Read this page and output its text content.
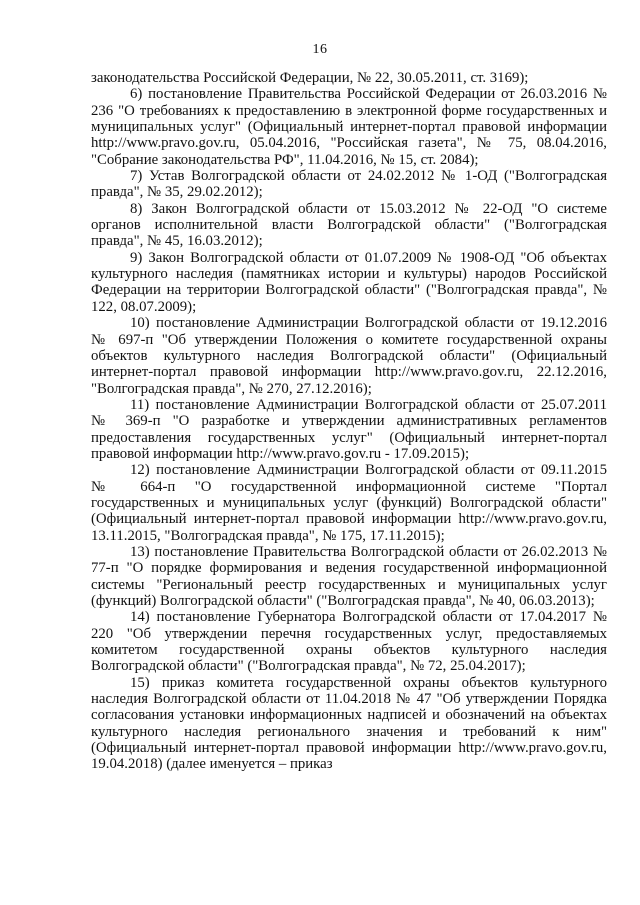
16

законодательства Российской Федерации, № 22, 30.05.2011, ст. 3169);

6) постановление Правительства Российской Федерации от 26.03.2016 № 236 "О требованиях к предоставлению в электронной форме государственных и муниципальных услуг" (Официальный интернет-портал правовой информации http://www.pravo.gov.ru, 05.04.2016, "Российская газета", № 75, 08.04.2016, "Собрание законодательства РФ", 11.04.2016, № 15, ст. 2084);

7) Устав Волгоградской области от 24.02.2012 № 1-ОД ("Волгоградская правда", № 35, 29.02.2012);

8) Закон Волгоградской области от 15.03.2012 № 22-ОД "О системе органов исполнительной власти Волгоградской области" ("Волгоградская правда", № 45, 16.03.2012);

9) Закон Волгоградской области от 01.07.2009 № 1908-ОД "Об объектах культурного наследия (памятниках истории и культуры) народов Российской Федерации на территории Волгоградской области" ("Волгоградская правда", № 122, 08.07.2009);

10) постановление Администрации Волгоградской области от 19.12.2016 № 697-п "Об утверждении Положения о комитете государственной охраны объектов культурного наследия Волгоградской области" (Официальный интернет-портал правовой информации http://www.pravo.gov.ru, 22.12.2016, "Волгоградская правда", № 270, 27.12.2016);

11) постановление Администрации Волгоградской области от 25.07.2011 № 369-п "О разработке и утверждении административных регламентов предоставления государственных услуг" (Официальный интернет-портал правовой информации http://www.pravo.gov.ru - 17.09.2015);

12) постановление Администрации Волгоградской области от 09.11.2015 № 664-п "О государственной информационной системе "Портал государственных и муниципальных услуг (функций) Волгоградской области" (Официальный интернет-портал правовой информации http://www.pravo.gov.ru, 13.11.2015, "Волгоградская правда", № 175, 17.11.2015);

13) постановление Правительства Волгоградской области от 26.02.2013 № 77-п "О порядке формирования и ведения государственной информационной системы "Региональный реестр государственных и муниципальных услуг (функций) Волгоградской области" ("Волгоградская правда", № 40, 06.03.2013);

14) постановление Губернатора Волгоградской области от 17.04.2017 № 220 "Об утверждении перечня государственных услуг, предоставляемых комитетом государственной охраны объектов культурного наследия Волгоградской области" ("Волгоградская правда", № 72, 25.04.2017);

15) приказ комитета государственной охраны объектов культурного наследия Волгоградской области от 11.04.2018 № 47 "Об утверждении Порядка согласования установки информационных надписей и обозначений на объектах культурного наследия регионального значения и требований к ним" (Официальный интернет-портал правовой информации http://www.pravo.gov.ru, 19.04.2018) (далее именуется – приказ
